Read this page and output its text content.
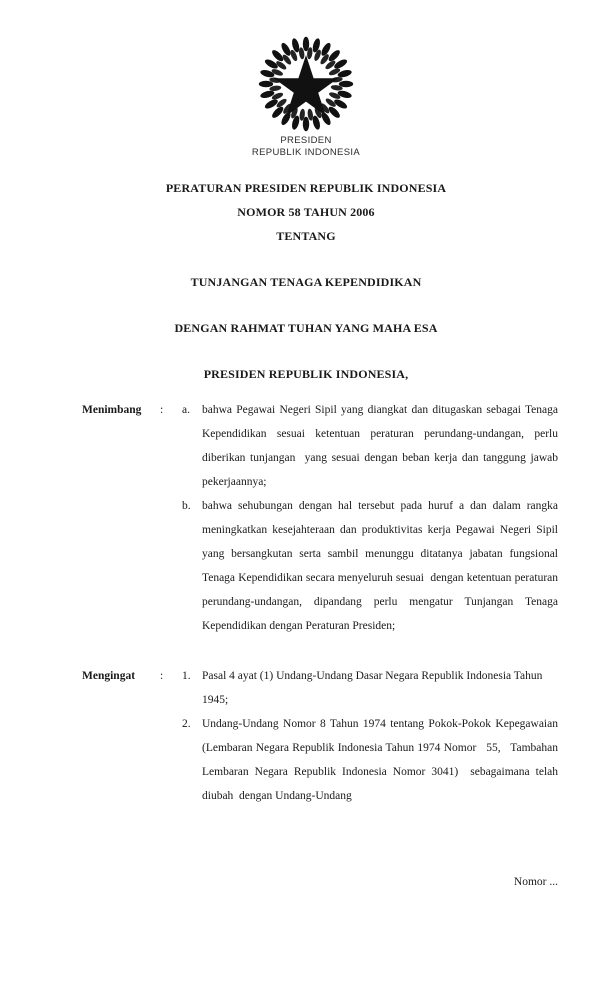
PRESIDEN
REPUBLIK INDONESIA
PERATURAN PRESIDEN REPUBLIK INDONESIA
NOMOR 58 TAHUN 2006
TENTANG
TUNJANGAN TENAGA KEPENDIDIKAN
DENGAN RAHMAT TUHAN YANG MAHA ESA
PRESIDEN REPUBLIK INDONESIA,
Menimbang	:	a.	bahwa Pegawai Negeri Sipil yang diangkat dan ditugaskan sebagai Tenaga Kependidikan sesuai ketentuan peraturan perundang-undangan, perlu diberikan tunjangan  yang sesuai dengan beban kerja dan tanggung jawab pekerjaannya;
b. bahwa sehubungan dengan hal tersebut pada huruf a dan dalam rangka meningkatkan kesejahteraan dan produktivitas kerja Pegawai Negeri Sipil yang bersangkutan serta sambil menunggu ditatanya jabatan fungsional Tenaga Kependidikan secara menyeluruh sesuai  dengan ketentuan peraturan perundang-undangan, dipandang perlu mengatur Tunjangan Tenaga Kependidikan dengan Peraturan Presiden;
Mengingat	:	1. Pasal 4 ayat (1) Undang-Undang Dasar Negara Republik Indonesia Tahun 1945;
2. Undang-Undang Nomor 8 Tahun 1974 tentang Pokok-Pokok Kepegawaian (Lembaran Negara Republik Indonesia Tahun 1974 Nomor   55,   Tambahan Lembaran Negara Republik Indonesia Nomor 3041)  sebagaimana telah diubah  dengan Undang-Undang
Nomor ...
